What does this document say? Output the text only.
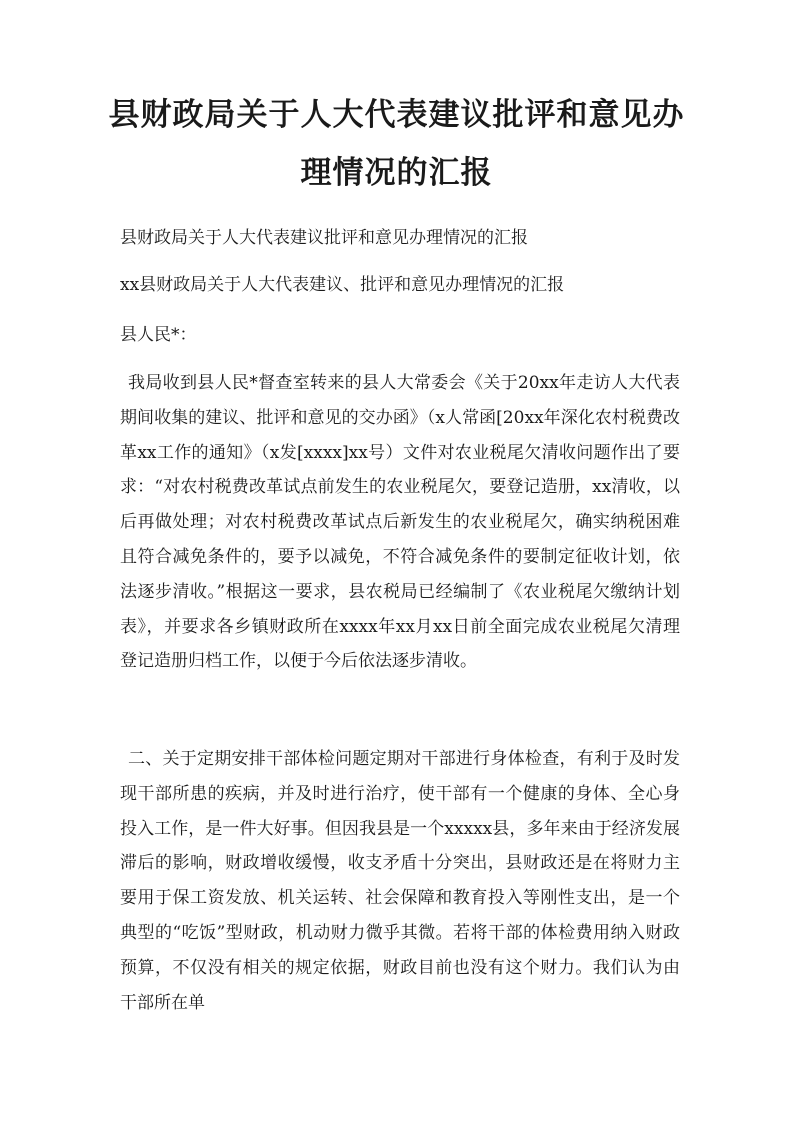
县财政局关于人大代表建议批评和意见办理情况的汇报

县财政局关于人大代表建议批评和意见办理情况的汇报

xx县财政局关于人大代表建议、批评和意见办理情况的汇报

县人民*：

我局收到县人民*督查室转来的县人大常委会《关于20xx年走访人大代表期间收集的建议、批评和意见的交办函》（x人常函[20xx年深化农村税费改革xx工作的通知》（x发[xxxx]xx号）文件对农业税尾欠清收问题作出了要求：“对农村税费改革试点前发生的农业税尾欠，要登记造册，xx清收，以后再做处理；对农村税费改革试点后新发生的农业税尾欠，确实纳税困难且符合减免条件的，要予以减免，不符合减免条件的要制定征收计划，依法逐步清收。”根据这一要求，县农税局已经编制了《农业税尾欠缴纳计划表》，并要求各乡镇财政所在xxxx年xx月xx日前全面完成农业税尾欠清理登记造册归档工作，以便于今后依法逐步清收。

二、关于定期安排干部体检问题定期对干部进行身体检查，有利于及时发现干部所患的疾病，并及时进行治疗，使干部有一个健康的身体、全心身投入工作，是一件大好事。但因我县是一个xxxxx县，多年来由于经济发展滞后的影响，财政增收缓慢，收支矛盾十分突出，县财政还是在将财力主要用于保工资发放、机关运转、社会保障和教育投入等刚性支出，是一个典型的“吃饭”型财政，机动财力微乎其微。若将干部的体检费用纳入财政预算，不仅没有相关的规定依据，财政目前也没有这个财力。我们认为由干部所在单
